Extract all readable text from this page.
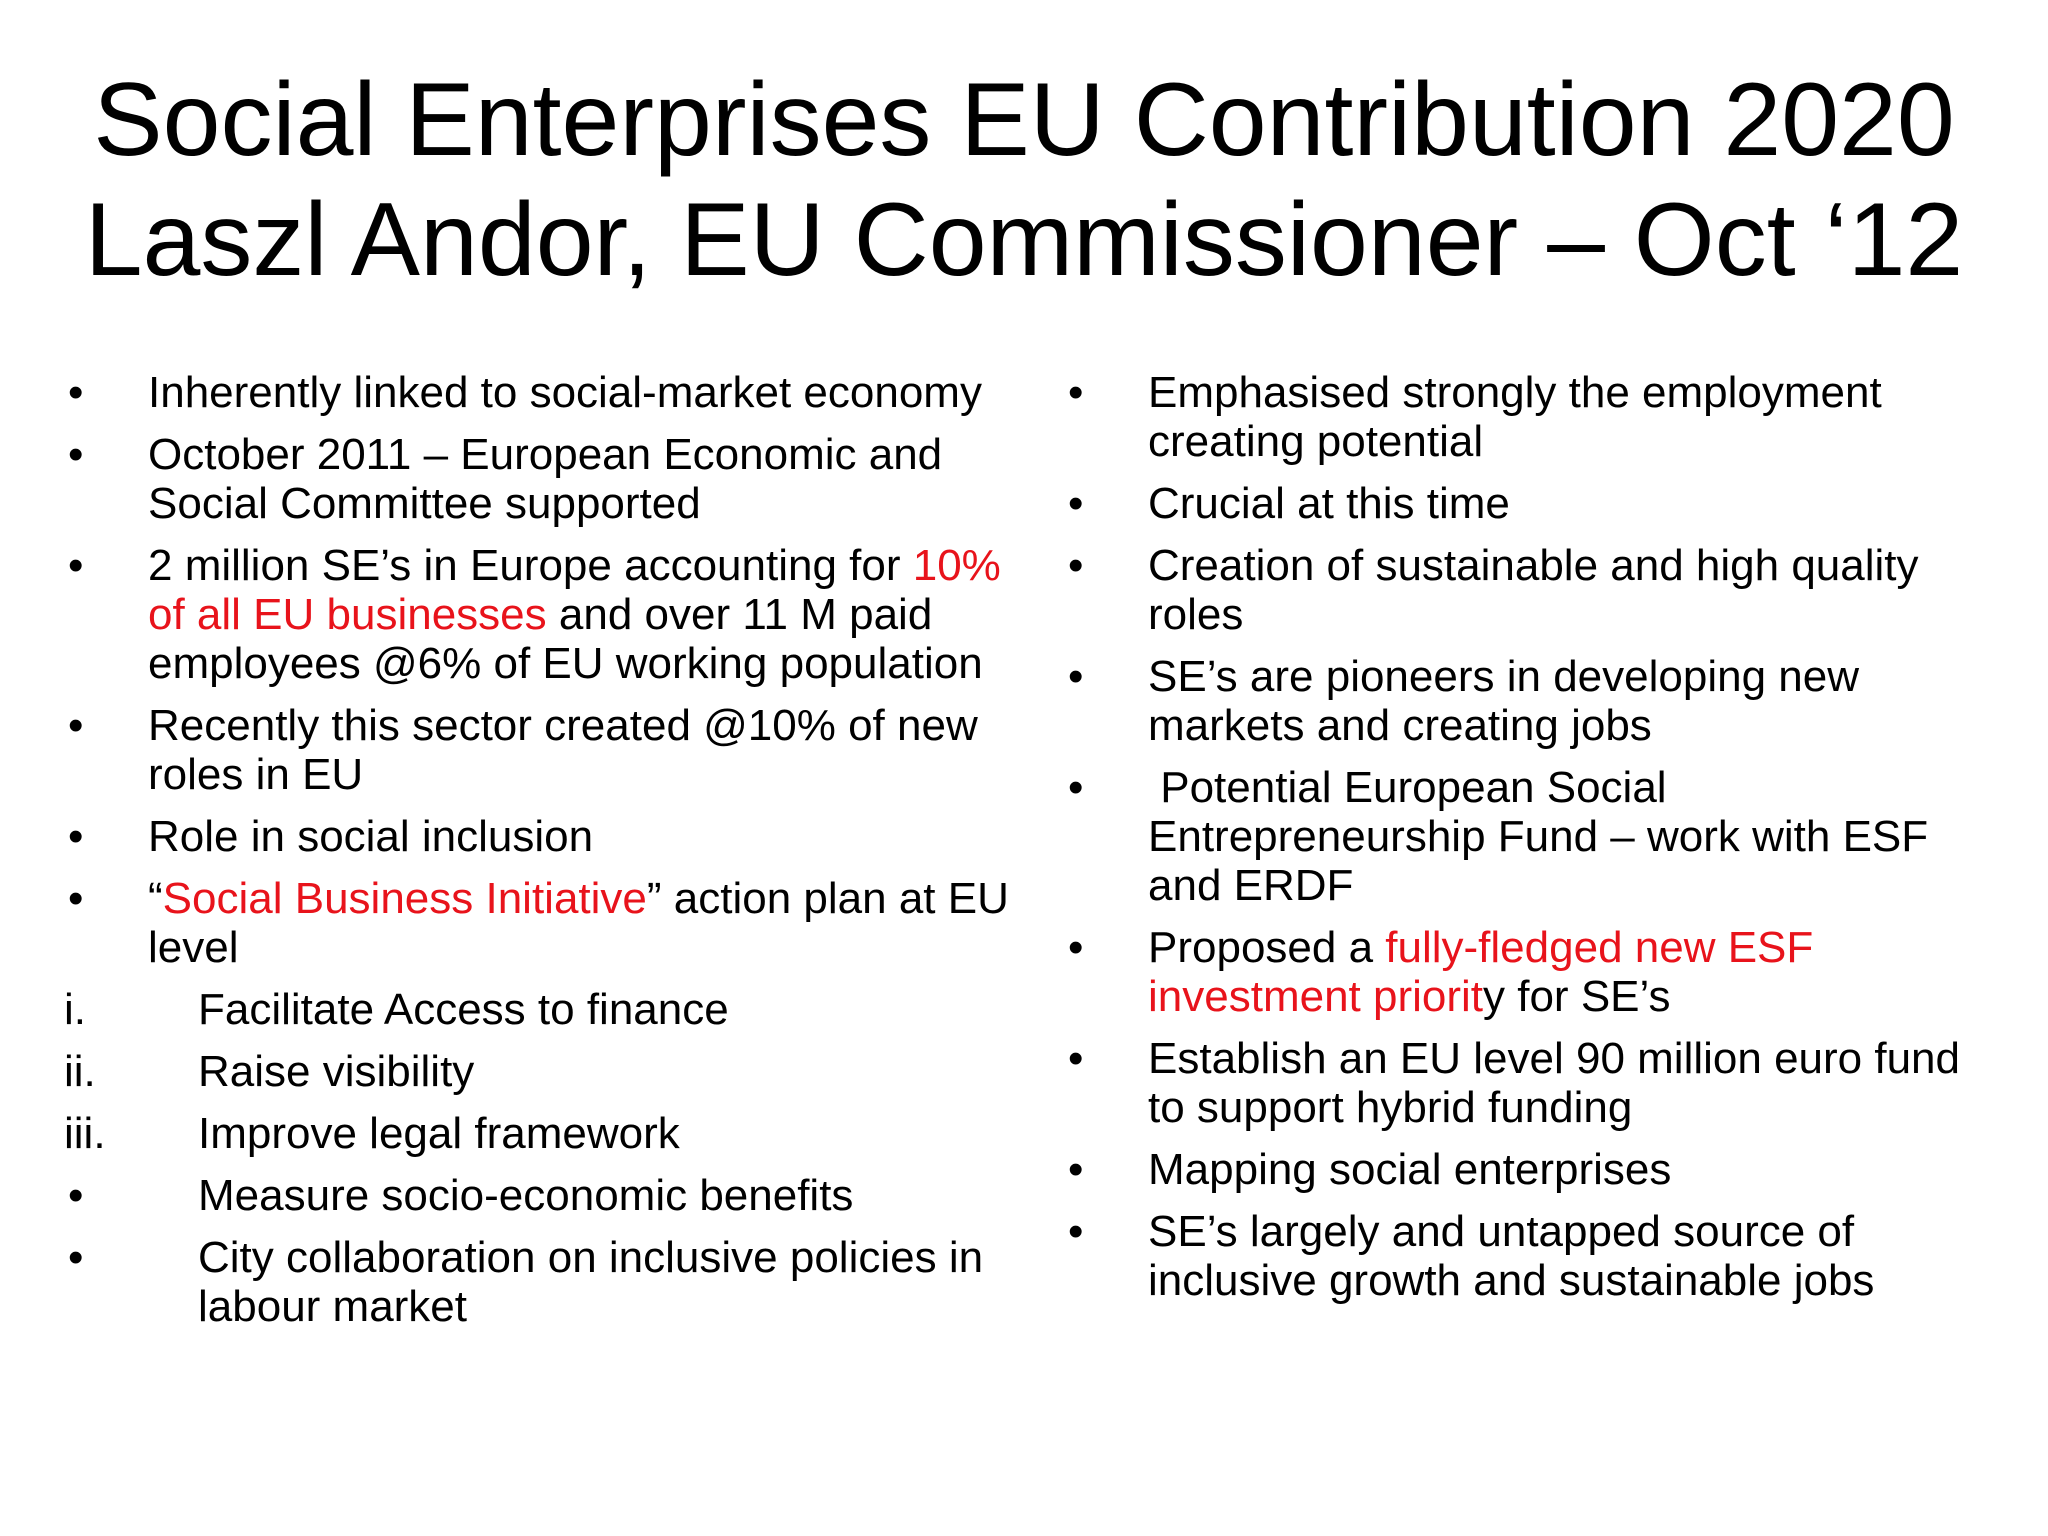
Social Enterprises EU Contribution 2020
Laszl Andor, EU Commissioner – Oct ‘12
• Inherently linked to social-market economy
• October 2011 – European Economic and Social Committee supported
• 2 million SE’s in Europe accounting for 10% of all EU businesses and over 11 M paid employees @6% of EU working population
• Recently this sector created @10% of new roles in EU
• Role in social inclusion
• “Social Business Initiative” action plan at EU level
i.	Facilitate Access to finance
ii. Raise visibility
iii. Improve legal framework
•	Measure socio-economic benefits
•	City collaboration on inclusive policies in labour market
• Emphasised strongly the employment creating potential
• Crucial at this time
• Creation of sustainable and high quality roles
• SE’s are pioneers in developing new markets and creating jobs
• Potential European Social Entrepreneurship Fund – work with ESF and ERDF
• Proposed a fully-fledged new ESF investment priority for SE’s
• Establish an EU level 90 million euro fund to support hybrid funding
• Mapping social enterprises
• SE’s largely and untapped source of inclusive growth and sustainable jobs
